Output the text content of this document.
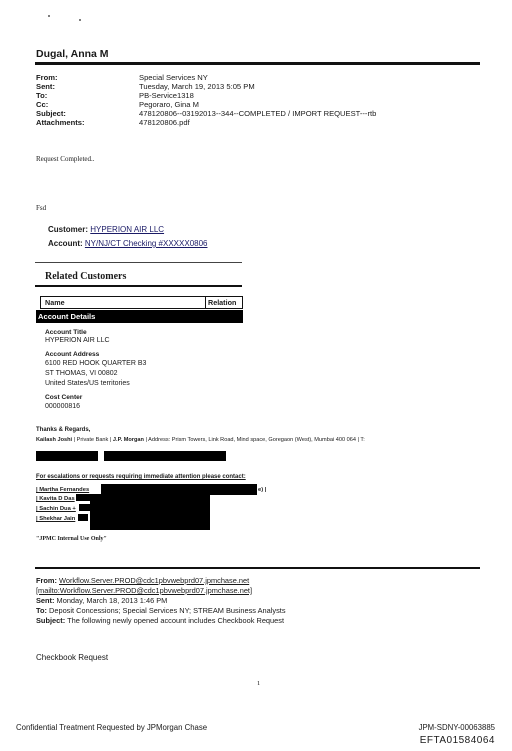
Dugal, Anna M
From:	Special Services NY
Sent:	Tuesday, March 19, 2013 5:05 PM
To:	PB-Service1318
Cc:	Pegoraro, Gina M
Subject:	478120806--03192013--344--COMPLETED / IMPORT REQUEST---rtb
Attachments:	478120806.pdf
Request Completed..
Fsd
Customer: HYPERION AIR LLC
Account: NY/NJ/CT Checking #XXXXX0806
Related Customers
Name	Relation
Account Details
Account Title
HYPERION AIR LLC
Account Address
6100 RED HOOK QUARTER B3
ST THOMAS, VI 00802
United States/US territories
Cost Center
000000816
Thanks & Regards,
Kailash Joshi | Private Bank | J.P. Morgan | Address: Prism Towers, Link Road, Mind space, Goregaon (West), Mumbai 400 064 | T:
For escalations or requests requiring immediate attention please contact:
| Martha Fernandes
| Kavita D Das
| Sachin Dua +
| Shekhar Jain
e) |
"JPMC Internal Use Only"
From: Workflow.Server.PROD@cdc1pbvwebprd07.jpmchase.net
[mailto:Workflow.Server.PROD@cdc1pbvwebprd07.jpmchase.net]
Sent: Monday, March 18, 2013 1:46 PM
To: Deposit Concessions; Special Services NY; STREAM Business Analysts
Subject: The following newly opened account includes Checkbook Request
Checkbook Request
1
Confidential Treatment Requested by JPMorgan Chase	JPM-SDNY-00063885
EFTA01584064
